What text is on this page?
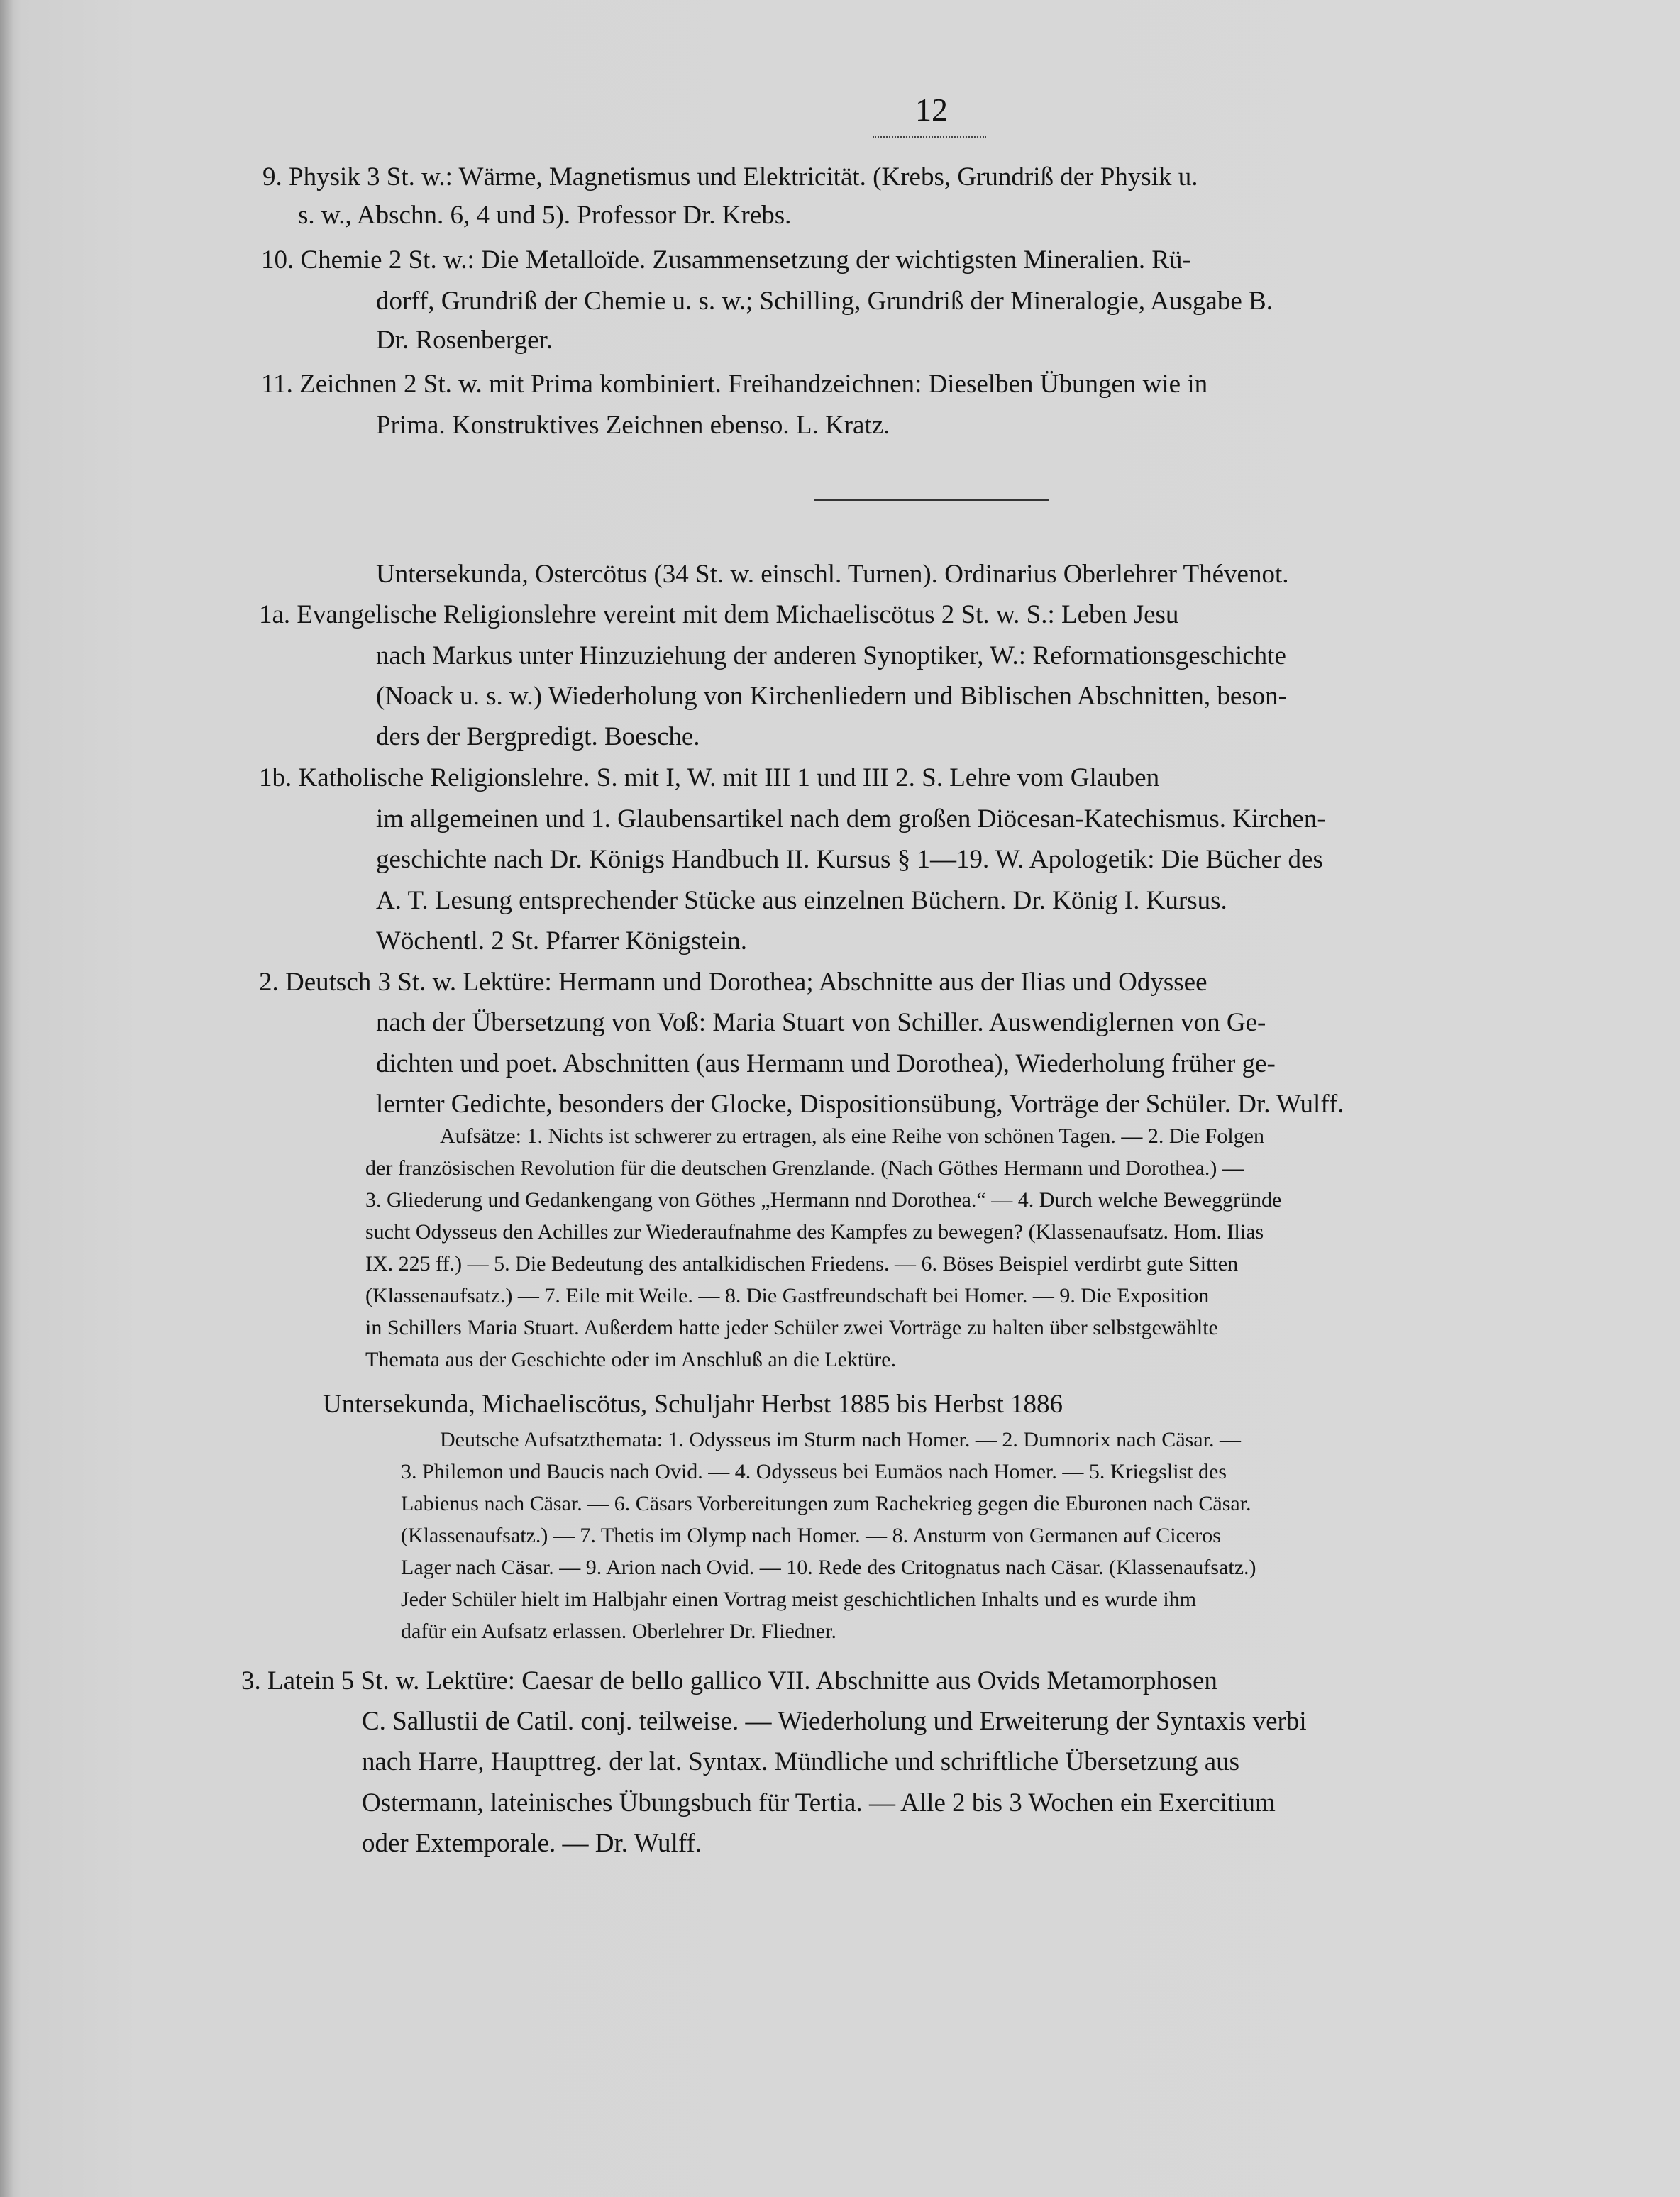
12
9. Physik 3 St. w.: Wärme, Magnetismus und Elektricität. (Krebs, Grundriß der Physik u.
s. w., Abschn. 6, 4 und 5). Professor Dr. Krebs.
10. Chemie 2 St. w.: Die Metalloïde. Zusammensetzung der wichtigsten Mineralien. Rü-
dorff, Grundriß der Chemie u. s. w.; Schilling, Grundriß der Mineralogie, Ausgabe B.
Dr. Rosenberger.
11. Zeichnen 2 St. w. mit Prima kombiniert. Freihandzeichnen: Dieselben Übungen wie in
Prima. Konstruktives Zeichnen ebenso. L. Kratz.
Untersekunda, Ostercötus (34 St. w. einschl. Turnen). Ordinarius Oberlehrer Thévenot.
1a. Evangelische Religionslehre vereint mit dem Michaeliscötus 2 St. w. S.: Leben Jesu
nach Markus unter Hinzuziehung der anderen Synoptiker, W.: Reformationsgeschichte
(Noack u. s. w.) Wiederholung von Kirchenliedern und Biblischen Abschnitten, beson-
ders der Bergpredigt. Boesche.
1b. Katholische Religionslehre. S. mit I, W. mit III 1 und III 2. S. Lehre vom Glauben
im allgemeinen und 1. Glaubensartikel nach dem großen Diöcesan-Katechismus. Kirchen-
geschichte nach Dr. Königs Handbuch II. Kursus § 1—19. W. Apologetik: Die Bücher des
A. T. Lesung entsprechender Stücke aus einzelnen Büchern. Dr. König I. Kursus.
Wöchentl. 2 St. Pfarrer Königstein.
2. Deutsch 3 St. w. Lektüre: Hermann und Dorothea; Abschnitte aus der Ilias und Odyssee
nach der Übersetzung von Voß: Maria Stuart von Schiller. Auswendiglernen von Ge-
dichten und poet. Abschnitten (aus Hermann und Dorothea), Wiederholung früher ge-
lernter Gedichte, besonders der Glocke, Dispositionsübung, Vorträge der Schüler. Dr. Wulff.
Aufsätze: 1. Nichts ist schwerer zu ertragen, als eine Reihe von schönen Tagen. — 2. Die Folgen
der französischen Revolution für die deutschen Grenzlande. (Nach Göthes Hermann und Dorothea.) —
3. Gliederung und Gedankengang von Göthes „Hermann nnd Dorothea.“ — 4. Durch welche Beweggründe
sucht Odysseus den Achilles zur Wiederaufnahme des Kampfes zu bewegen? (Klassenaufsatz. Hom. Ilias
IX. 225 ff.) — 5. Die Bedeutung des antalkidischen Friedens. — 6. Böses Beispiel verdirbt gute Sitten
(Klassenaufsatz.) — 7. Eile mit Weile. — 8. Die Gastfreundschaft bei Homer. — 9. Die Exposition
in Schillers Maria Stuart. Außerdem hatte jeder Schüler zwei Vorträge zu halten über selbstgewählte
Themata aus der Geschichte oder im Anschluß an die Lektüre.
Untersekunda, Michaeliscötus, Schuljahr Herbst 1885 bis Herbst 1886
Deutsche Aufsatzthemata: 1. Odysseus im Sturm nach Homer. — 2. Dumnorix nach Cäsar. —
3. Philemon und Baucis nach Ovid. — 4. Odysseus bei Eumäos nach Homer. — 5. Kriegslist des
Labienus nach Cäsar. — 6. Cäsars Vorbereitungen zum Rachekrieg gegen die Eburonen nach Cäsar.
(Klassenaufsatz.) — 7. Thetis im Olymp nach Homer. — 8. Ansturm von Germanen auf Ciceros
Lager nach Cäsar. — 9. Arion nach Ovid. — 10. Rede des Critognatus nach Cäsar. (Klassenaufsatz.)
Jeder Schüler hielt im Halbjahr einen Vortrag meist geschichtlichen Inhalts und es wurde ihm
dafür ein Aufsatz erlassen. Oberlehrer Dr. Fliedner.
3. Latein 5 St. w. Lektüre: Caesar de bello gallico VII. Abschnitte aus Ovids Metamorphosen
C. Sallustii de Catil. conj. teilweise. — Wiederholung und Erweiterung der Syntaxis verbi
nach Harre, Haupttreg. der lat. Syntax. Mündliche und schriftliche Übersetzung aus
Ostermann, lateinisches Übungsbuch für Tertia. — Alle 2 bis 3 Wochen ein Exercitium
oder Extemporale. — Dr. Wulff.
